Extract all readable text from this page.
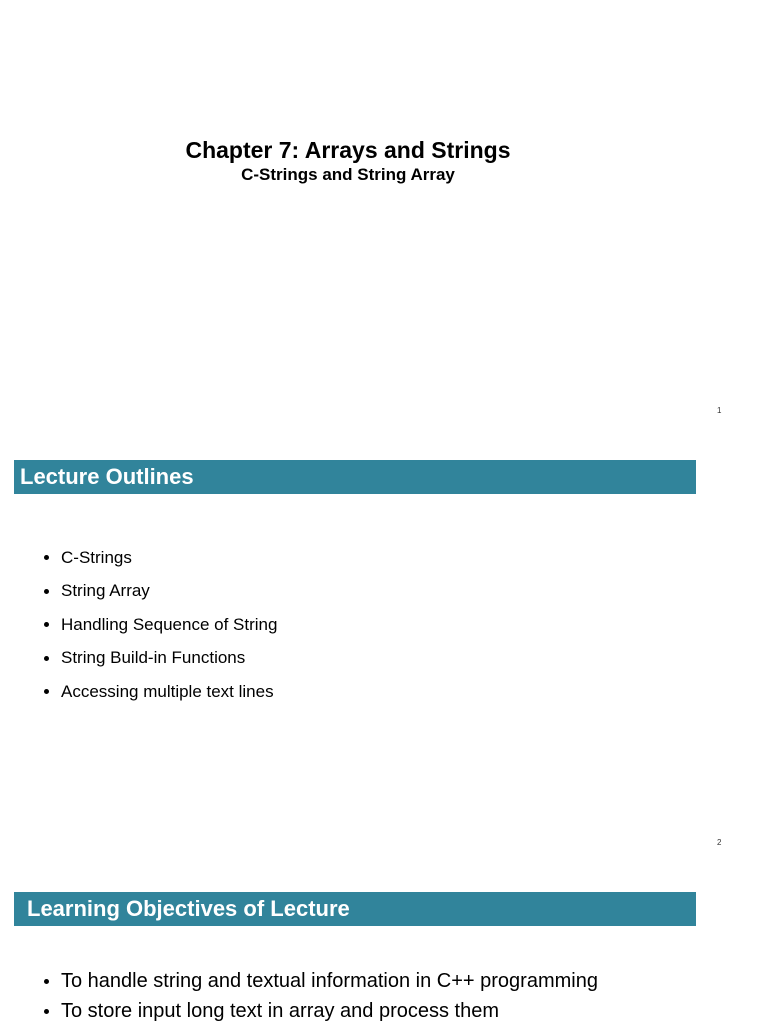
Chapter 7: Arrays and Strings
C-Strings and String Array
1
Lecture Outlines
C-Strings
String Array
Handling Sequence of String
String Build-in Functions
Accessing multiple text lines
2
Learning Objectives of Lecture
To handle string and textual information in C++ programming
To store input long text in array and process them
